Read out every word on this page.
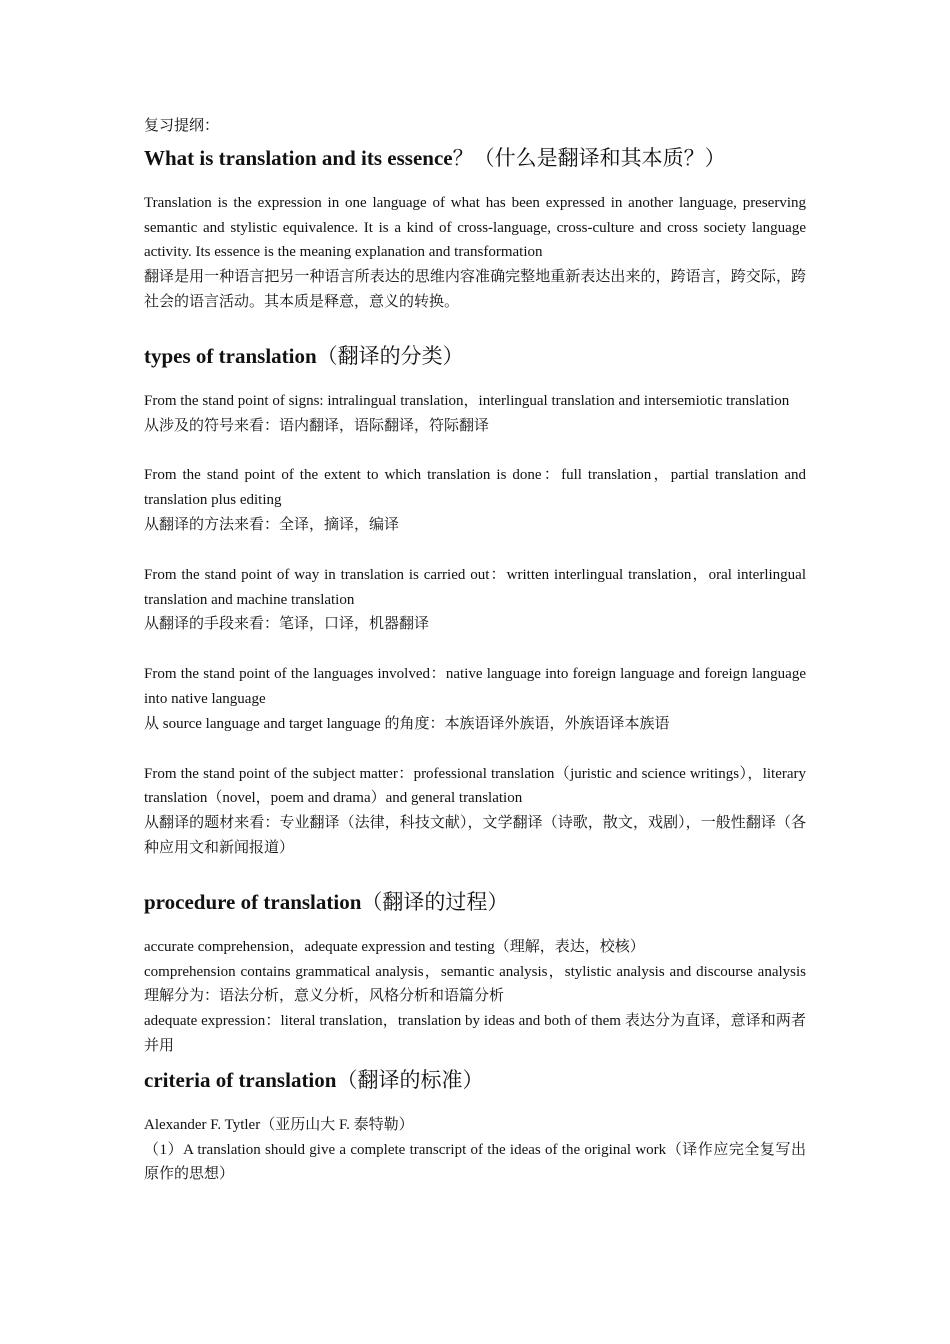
复习提纲：

What is translation and its essence？（什么是翻译和其本质？）

Translation is the expression in one language of what has been expressed in another language, preserving semantic and stylistic equivalence. It is a kind of cross-language, cross-culture and cross society language activity. Its essence is the meaning explanation and transformation

翻译是用一种语言把另一种语言所表达的思维内容准确完整地重新表达出来的，跨语言，跨交际，跨社会的语言活动。其本质是释意，意义的转换。

types of translation（翻译的分类）

From the stand point of signs: intralingual translation，interlingual translation and intersemiotic translation

从涉及的符号来看：语内翻译，语际翻译，符际翻译

From the stand point of the extent to which translation is done：full translation，partial translation and translation plus editing

从翻译的方法来看：全译，摘译，编译

From the stand point of way in translation is carried out：written interlingual translation，oral interlingual translation and machine translation

从翻译的手段来看：笔译，口译，机器翻译

From the stand point of the languages involved：native language into foreign language and foreign language into native language

从 source language and target language 的角度：本族语译外族语，外族语译本族语

From the stand point of the subject matter：professional translation（juristic and science writings），literary translation（novel，poem and drama）and general translation

从翻译的题材来看：专业翻译（法律，科技文献），文学翻译（诗歌，散文，戏剧），一般性翻译（各种应用文和新闻报道）

procedure of translation（翻译的过程）

accurate comprehension，adequate expression and testing（理解，表达，校核）

comprehension contains grammatical analysis，semantic analysis，stylistic analysis and discourse analysis 理解分为：语法分析，意义分析，风格分析和语篇分析

adequate expression：literal translation，translation by ideas and both of them 表达分为直译，意译和两者并用

criteria of translation（翻译的标准）

Alexander F. Tytler（亚历山大 F. 泰特勒）

（1）A translation should give a complete transcript of the ideas of the original work（译作应完全复写出原作的思想）
